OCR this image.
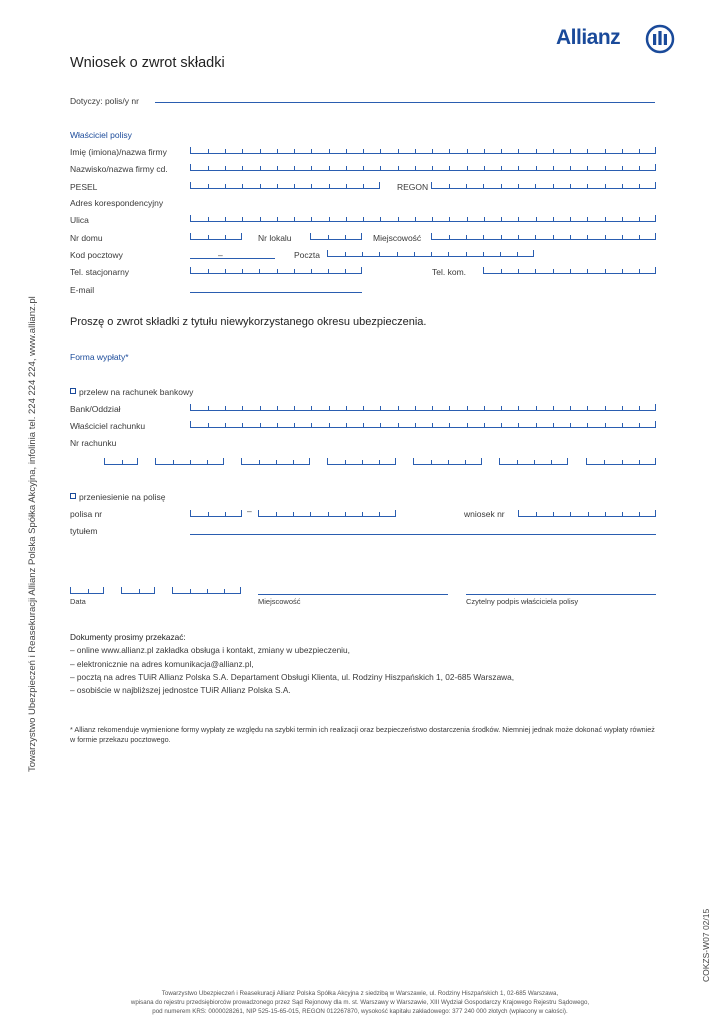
Allianz
Wniosek o zwrot składki
Towarzystwo Ubezpieczeń i Reasekuracji Allianz Polska Spółka Akcyjna, infolinia tel. 224 224 224, www.allianz.pl
COKZS-W07 02/15
Dotyczy: polis/y nr
Właściciel polisy
Imię (imiona)/nazwa firmy
Nazwisko/nazwa firmy cd.
PESEL	REGON
Adres korespondencyjny
Ulica
Nr domu	Nr lokalu	Miejscowość
Kod pocztowy	–	Poczta
Tel. stacjonarny	Tel. kom.
E-mail
Proszę o zwrot składki z tytułu niewykorzystanego okresu ubezpieczenia.
Forma wypłaty*
przelew na rachunek bankowy
Bank/Oddział
Właściciel rachunku
Nr rachunku
przeniesienie na polisę
polisa nr	–	wniosek nr
tytułem
Data	Miejscowość	Czytelny podpis właściciela polisy
Dokumenty prosimy przekazać:
– online www.allianz.pl zakładka obsługa i kontakt, zmiany w ubezpieczeniu,
– elektronicznie na adres komunikacja@allianz.pl,
– pocztą na adres TUiR Allianz Polska S.A. Departament Obsługi Klienta, ul. Rodziny Hiszpańskich 1, 02-685 Warszawa,
– osobiście w najbliższej jednostce TUiR Allianz Polska S.A.
* Allianz rekomenduje wymienione formy wypłaty ze względu na szybki termin ich realizacji oraz bezpieczeństwo dostarczenia środków. Niemniej jednak może dokonać wypłaty również w formie przekazu pocztowego.
Towarzystwo Ubezpieczeń i Reasekuracji Allianz Polska Spółka Akcyjna z siedzibą w Warszawie, ul. Rodziny Hiszpańskich 1, 02-685 Warszawa,
wpisana do rejestru przedsiębiorców prowadzonego przez Sąd Rejonowy dla m. st. Warszawy w Warszawie, XIII Wydział Gospodarczy Krajowego Rejestru Sądowego,
pod numerem KRS: 0000028261, NIP 525-15-65-015, REGON 012267870, wysokość kapitału zakładowego: 377 240 000 złotych (wpłacony w całości).
